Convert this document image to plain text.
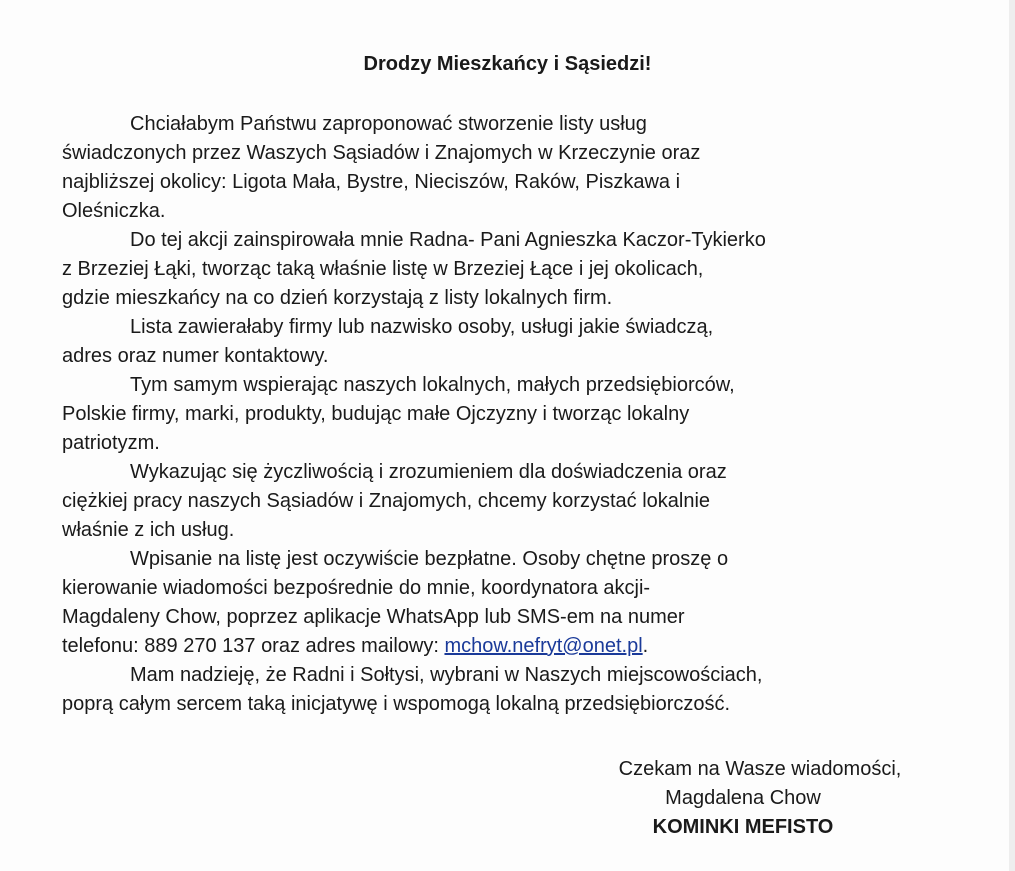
Drodzy Mieszkańcy i Sąsiedzi!
Chciałabym Państwu zaproponować stworzenie listy usług
świadczonych przez Waszych Sąsiadów i Znajomych w Krzeczynie oraz
najbliższej okolicy: Ligota Mała, Bystre, Nieciszów, Raków, Piszkawa i
Oleśniczka.
Do tej akcji zainspirowała mnie Radna- Pani Agnieszka Kaczor-Tykierko
z Brzeziej Łąki, tworząc taką właśnie listę w Brzeziej Łące i jej okolicach,
gdzie mieszkańcy na co dzień korzystają z listy lokalnych firm.
Lista zawierałaby firmy lub nazwisko osoby, usługi jakie świadczą,
adres oraz numer kontaktowy.
Tym samym wspierając naszych lokalnych, małych przedsiębiorców,
Polskie firmy, marki, produkty, budując małe Ojczyzny i tworząc lokalny
patriotyzm.
Wykazując się życzliwością i zrozumieniem dla doświadczenia oraz
ciężkiej pracy naszych Sąsiadów i Znajomych, chcemy korzystać lokalnie
właśnie z ich usług.
Wpisanie na listę jest oczywiście bezpłatne. Osoby chętne proszę o
kierowanie wiadomości bezpośrednie do mnie, koordynatora akcji-
Magdaleny Chow, poprzez aplikacje WhatsApp lub SMS-em na numer
telefonu: 889 270 137 oraz adres mailowy: mchow.nefryt@onet.pl.
Mam nadzieję, że Radni i Sołtysi, wybrani w Naszych miejscowościach,
poprą całym sercem taką inicjatywę i wspomogą lokalną przedsiębiorczość.
Czekam na Wasze wiadomości,
Magdalena Chow
KOMINKI MEFISTO
